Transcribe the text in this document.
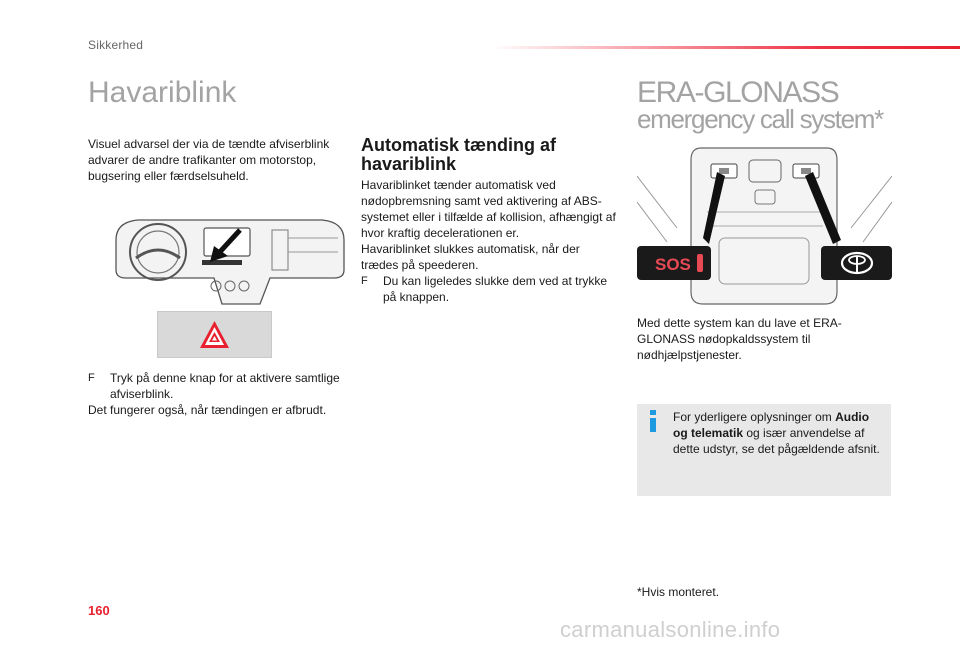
Sikkerhed
Havariblink
Visuel advarsel der via de tændte afviserblink advarer de andre trafikanter om motorstop, bugsering eller færdselsuheld.
F Tryk på denne knap for at aktivere samtlige afviserblink.
Det fungerer også, når tændingen er afbrudt.
Automatisk tænding af havariblink
Havariblinket tænder automatisk ved nødopbremsning samt ved aktivering af ABS-systemet eller i tilfælde af kollision, afhængigt af hvor kraftig decelerationen er.
Havariblinket slukkes automatisk, når der trædes på speederen.
F Du kan ligeledes slukke dem ved at trykke på knappen.
ERA-GLONASS
emergency call system*
SOS
Med dette system kan du lave et ERA-GLONASS nødopkaldssystem til nødhjælpstjenester.
For yderligere oplysninger om Audio og telematik og især anvendelse af dette udstyr, se det pågældende afsnit.
*Hvis monteret.
160
carmanualsonline.info
